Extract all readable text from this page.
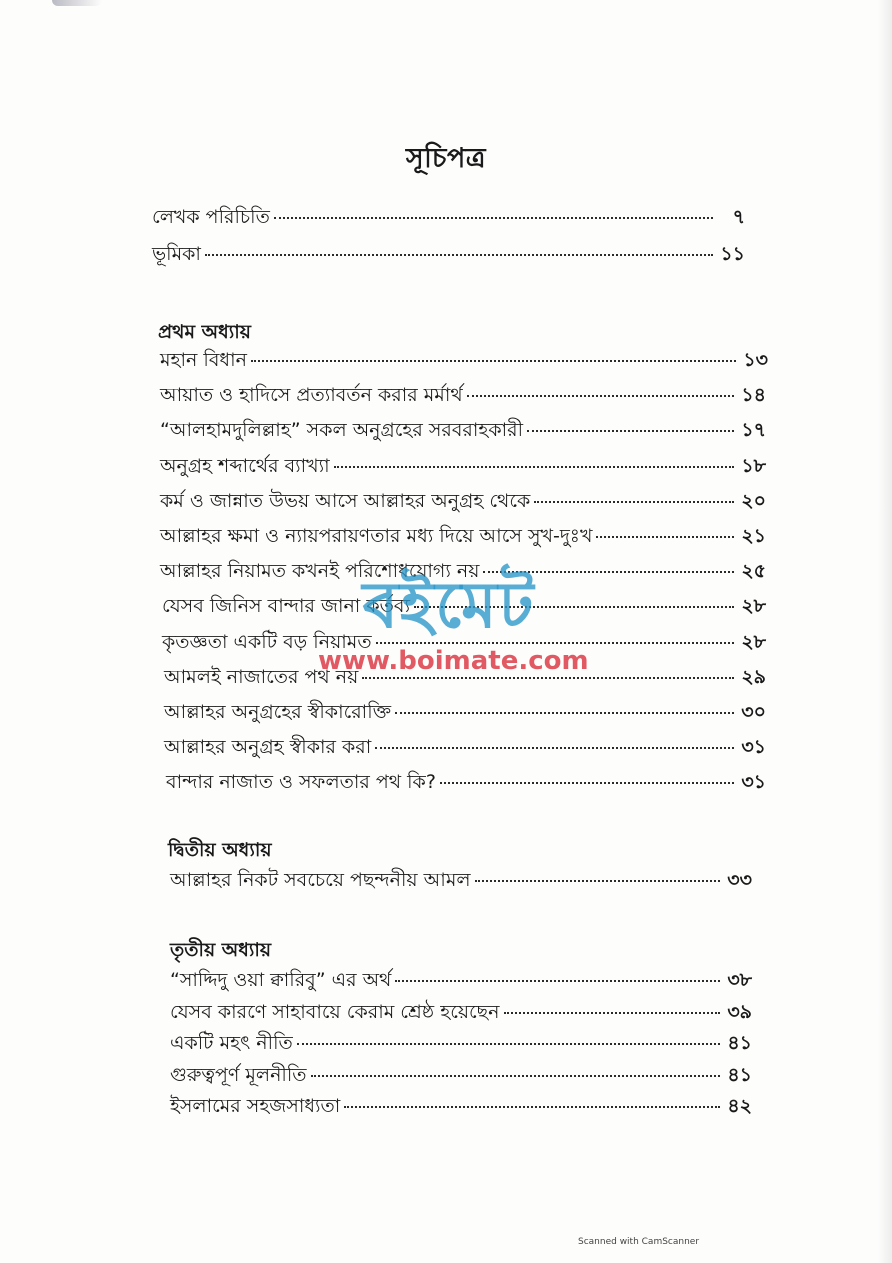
সূচিপত্র
লেখক পরিচিতি	৭
ভূমিকা	১১
প্রথম অধ্যায়
মহান বিধান	১৩
আয়াত ও হাদিসে প্রত্যাবর্তন করার মর্মার্থ	১৪
“আলহামদুলিল্লাহ” সকল অনুগ্রহের সরবরাহকারী	১৭
অনুগ্রহ শব্দার্থের ব্যাখ্যা	১৮
কর্ম ও জান্নাত উভয় আসে আল্লাহর অনুগ্রহ থেকে	২০
আল্লাহর ক্ষমা ও ন্যায়পরায়ণতার মধ্য দিয়ে আসে সুখ-দুঃখ	২১
আল্লাহর নিয়ামত কখনই পরিশোধযোগ্য নয়	২৫
যেসব জিনিস বান্দার জানা কর্তব্য	২৮
কৃতজ্ঞতা একটি বড় নিয়ামত	২৮
আমলই নাজাতের পথ নয়	২৯
আল্লাহর অনুগ্রহের স্বীকারোক্তি	৩০
আল্লাহর অনুগ্রহ স্বীকার করা	৩১
বান্দার নাজাত ও সফলতার পথ কি?	৩১
দ্বিতীয় অধ্যায়
আল্লাহর নিকট সবচেয়ে পছন্দনীয় আমল	৩৩
তৃতীয় অধ্যায়
“সাদ্দিদু ওয়া ক্বারিবু” এর অর্থ	৩৮
যেসব কারণে সাহাবায়ে কেরাম শ্রেষ্ঠ হয়েছেন	৩৯
একটি মহৎ নীতি	৪১
গুরুত্বপূর্ণ মূলনীতি	৪১
ইসলামের সহজসাধ্যতা	৪২
বইমেট
www.boimate.com
Scanned with CamScanner
